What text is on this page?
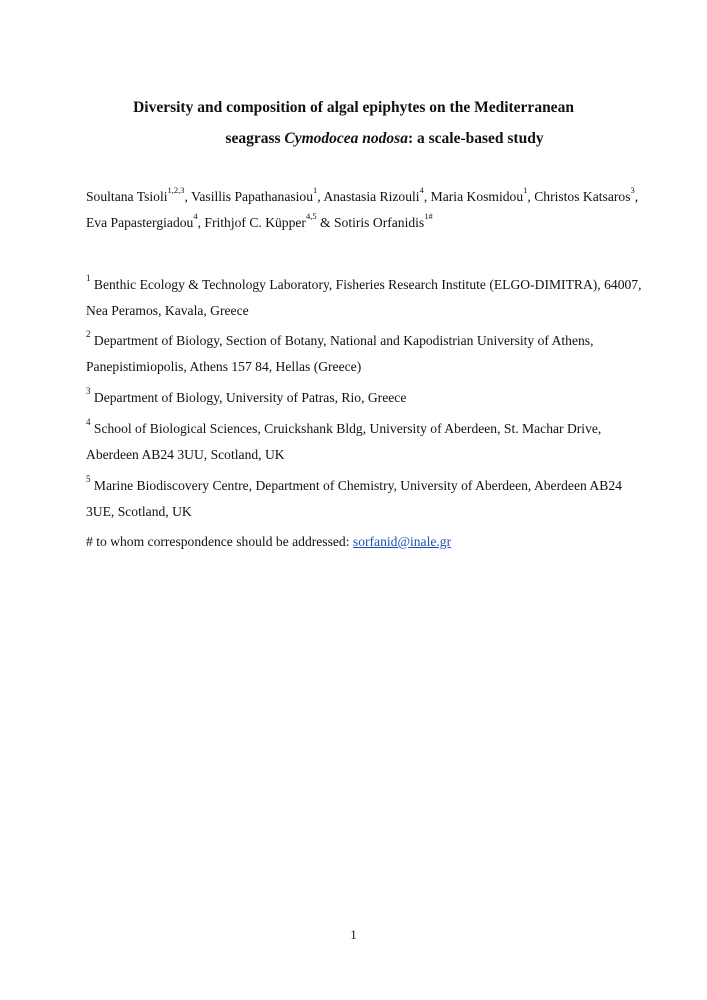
Diversity and composition of algal epiphytes on the Mediterranean
seagrass Cymodocea nodosa: a scale-based study
Soultana Tsioli$^{1,2,3}$, Vasillis Papathanasiou$^1$, Anastasia Rizouli$^4$, Maria Kosmidou$^1$, Christos Katsaros$^3$, Eva Papastergiadou$^4$, Frithjof C. Küpper$^{4,5}$ & Sotiris Orfanidis$^{1\#}$
$^1$ Benthic Ecology & Technology Laboratory, Fisheries Research Institute (ELGO-DIMITRA), 64007, Nea Peramos, Kavala, Greece
$^2$ Department of Biology, Section of Botany, National and Kapodistrian University of Athens, Panepistimiopolis, Athens 157 84, Hellas (Greece)
$^3$ Department of Biology, University of Patras, Rio, Greece
$^4$ School of Biological Sciences, Cruickshank Bldg, University of Aberdeen, St. Machar Drive, Aberdeen AB24 3UU, Scotland, UK
$^5$ Marine Biodiscovery Centre, Department of Chemistry, University of Aberdeen, Aberdeen AB24 3UE, Scotland, UK
# to whom correspondence should be addressed: sorfanid@inale.gr
1
